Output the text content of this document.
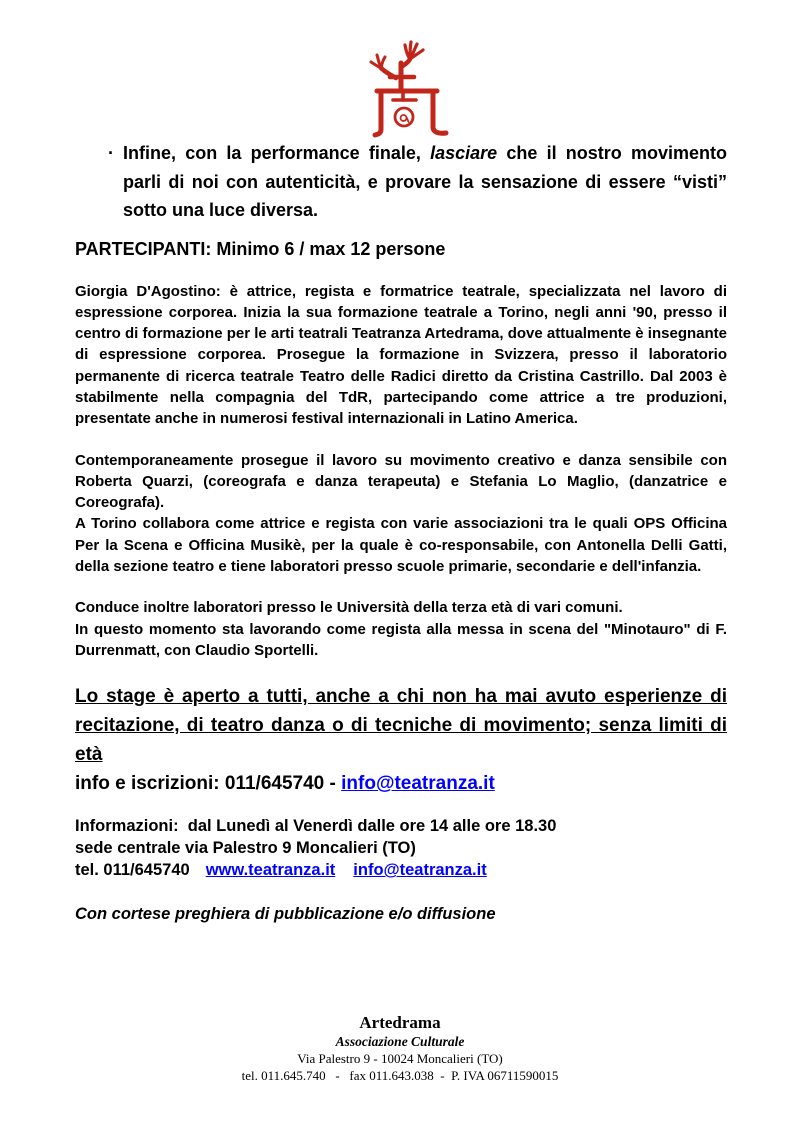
· Infine, con la performance finale, lasciare che il nostro movimento parli di noi con autenticità, e provare la sensazione di essere “visti” sotto una luce diversa.
PARTECIPANTI: Minimo 6 / max 12 persone

Giorgia D'Agostino: è attrice, regista e formatrice teatrale, specializzata nel lavoro di espressione corporea. Inizia la sua formazione teatrale a Torino, negli anni '90, presso il centro di formazione per le arti teatrali Teatranza Artedrama, dove attualmente è insegnante di espressione corporea. Prosegue la formazione in Svizzera, presso il laboratorio permanente di ricerca teatrale Teatro delle Radici diretto da Cristina Castrillo. Dal 2003 è stabilmente nella compagnia del TdR, partecipando come attrice a tre produzioni, presentate anche in numerosi festival internazionali in Latino America.

Contemporaneamente prosegue il lavoro su movimento creativo e danza sensibile con Roberta Quarzi, (coreografa e danza terapeuta) e Stefania Lo Maglio, (danzatrice e Coreografa).

A Torino collabora come attrice e regista con varie associazioni tra le quali OPS Officina Per la Scena e Officina Musikè, per la quale è co-responsabile, con Antonella Delli Gatti, della sezione teatro e tiene laboratori presso scuole primarie, secondarie e dell'infanzia.

Conduce inoltre laboratori presso le Università della terza età di vari comuni.

In questo momento sta lavorando come regista alla messa in scena del "Minotauro" di F. Durrenmatt, con Claudio Sportelli.

Lo stage è aperto a tutti, anche a chi non ha mai avuto esperienze di recitazione, di teatro danza o di tecniche di movimento; senza limiti di età
info e iscrizioni: 011/645740 - info@teatranza.it
Informazioni:  dal Lunedì al Venerdì dalle ore 14 alle ore 18.30
sede centrale via Palestro 9 Moncalieri (TO)
tel. 011/645740 www.teatranza.it info@teatranza.it
Con cortese preghiera di pubblicazione e/o diffusione
Artedrama
Associazione Culturale
Via Palestro 9 - 10024 Moncalieri (TO)
tel. 011.645.740   -   fax 011.643.038  -  P. IVA 06711590015
